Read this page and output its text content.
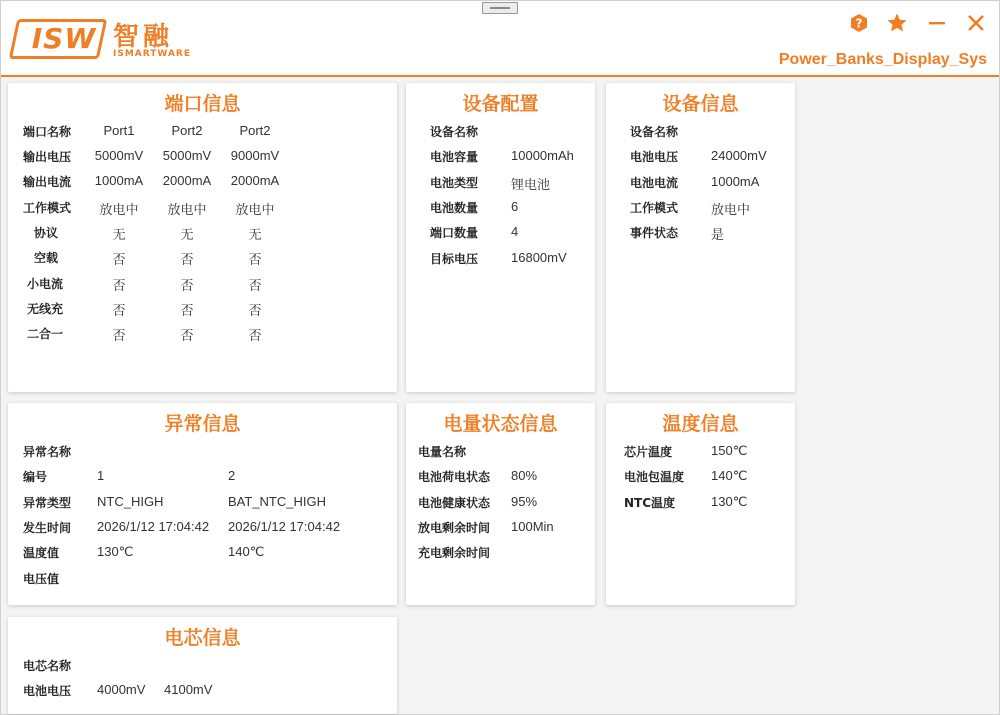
ISW 智融
ISMARTWARE
?
Power_Banks_Display_Sys
端口信息
端口名称	Port1	Port2	Port2
输出电压	5000mV	5000mV	9000mV
输出电流	1000mA	2000mA	2000mA
工作模式	放电中	放电中	放电中
协议	无	无	无
空载	否	否	否
小电流	否	否	否
无线充	否	否	否
二合一	否	否	否
设备配置
设备名称
电池容量	10000mAh
电池类型	锂电池
电池数量	6
端口数量	4
目标电压	16800mV
设备信息
设备名称
电池电压	24000mV
电池电流	1000mA
工作模式	放电中
事件状态	是
异常信息
异常名称
编号	1	2
异常类型 NTC_HIGH	BAT_NTC_HIGH
发生时间 2026/1/12 17:04:42 2026/1/12 17:04:42
温度值	130℃	140℃
电压值
电量状态信息
电量名称
电池荷电状态 80%
电池健康状态 95%
放电剩余时间 100Min
充电剩余时间
温度信息
芯片温度	150℃
电池包温度 140℃
NTC温度	130℃
电芯信息
电芯名称
电池电压 4000mV 4100mV
